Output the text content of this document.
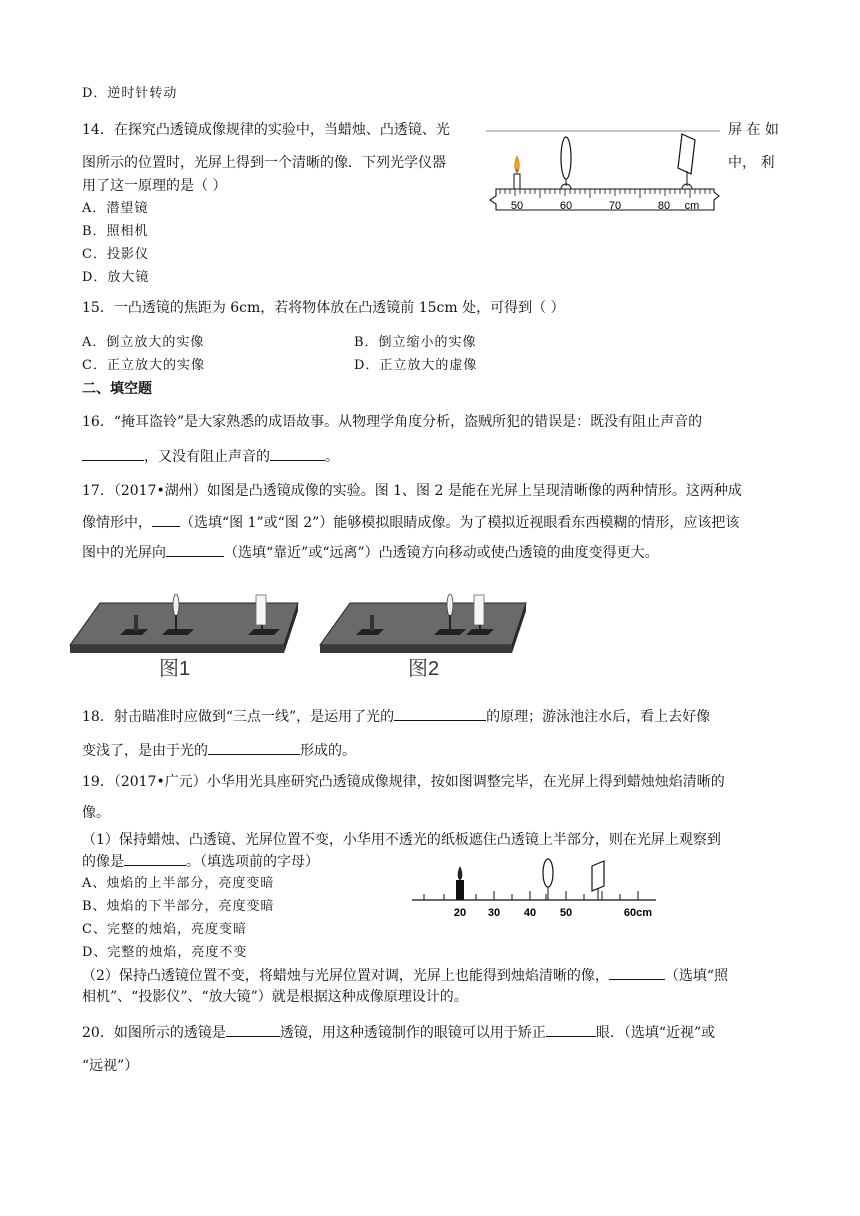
D．逆时针转动
14．在探究凸透镜成像规律的实验中，当蜡烛、凸透镜、光	屏 在 如
图所示的位置时，光屏上得到一个清晰的像．下列光学仪器	中， 利
用了这一原理的是（ ）
A．潜望镜
B．照相机
C．投影仪
D．放大镜
50	60	70	80 cm
15．一凸透镜的焦距为 6cm，若将物体放在凸透镜前 15cm 处，可得到（ ）
A．倒立放大的实像	B．倒立缩小的实像
C．正立放大的实像	D．正立放大的虚像
二、填空题
16．“掩耳盗铃”是大家熟悉的成语故事。从物理学角度分析，盗贼所犯的错误是：既没有阻止声音的
，又没有阻止声音的	。
17．（2017•湖州）如图是凸透镜成像的实验。图 1、图 2 是能在光屏上呈现清晰像的两种情形。这两种成
像情形中， （选填“图 1”或“图 2”）能够模拟眼睛成像。为了模拟近视眼看东西模糊的情形，应该把该
图中的光屏向	（选填“靠近”或“远离”）凸透镜方向移动或使凸透镜的曲度变得更大。
图1	图2
18．射击瞄准时应做到“三点一线”，是运用了光的	的原理；游泳池注水后，看上去好像
变浅了，是由于光的	形成的。
19．（2017•广元）小华用光具座研究凸透镜成像规律，按如图调整完毕，在光屏上得到蜡烛烛焰清晰的
像。
（1）保持蜡烛、凸透镜、光屏位置不变，小华用不透光的纸板遮住凸透镜上半部分，则在光屏上观察到
的像是	。（填选项前的字母）
A、烛焰的上半部分，亮度变暗
B、烛焰的下半部分，亮度变暗
C、完整的烛焰，亮度变暗
D、完整的烛焰，亮度不变
20 30 40 50	60cm
（2）保持凸透镜位置不变，将蜡烛与光屏位置对调，光屏上也能得到烛焰清晰的像，	（选填“照
相机”、“投影仪”、“放大镜”）就是根据这种成像原理设计的。
20．如图所示的透镜是	透镜，用这种透镜制作的眼镜可以用于矫正	眼．（选填“近视”或
“远视”）
